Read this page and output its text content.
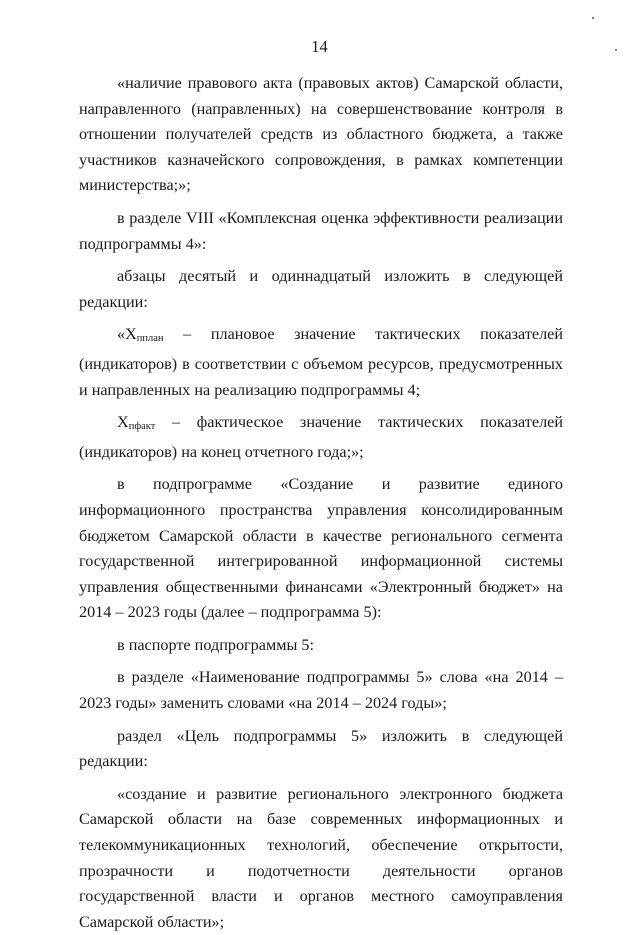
14

«наличие правового акта (правовых актов) Самарской области, направленного (направленных) на совершенствование контроля в отношении получателей средств из областного бюджета, а также участников казначейского сопровождения, в рамках компетенции министерства;»;

в разделе VIII «Комплексная оценка эффективности реализации подпрограммы 4»:

абзацы десятый и одиннадцатый изложить в следующей редакции:

«Xпплан – плановое значение тактических показателей (индикаторов) в соответствии с объемом ресурсов, предусмотренных и направленных на реализацию подпрограммы 4;

Xпфакт – фактическое значение тактических показателей (индикаторов) на конец отчетного года;»;

в подпрограмме «Создание и развитие единого информационного пространства управления консолидированным бюджетом Самарской области в качестве регионального сегмента государственной интегрированной информационной системы управления общественными финансами «Электронный бюджет» на 2014 – 2023 годы (далее – подпрограмма 5):

в паспорте подпрограммы 5:

в разделе «Наименование подпрограммы 5» слова «на 2014 – 2023 годы» заменить словами «на 2014 – 2024 годы»;

раздел «Цель подпрограммы 5» изложить в следующей редакции:

«создание и развитие регионального электронного бюджета Самарской области на базе современных информационных и телекоммуникационных технологий, обеспечение открытости, прозрачности и подотчетности деятельности органов государственной власти и органов местного самоуправления Самарской области»;
